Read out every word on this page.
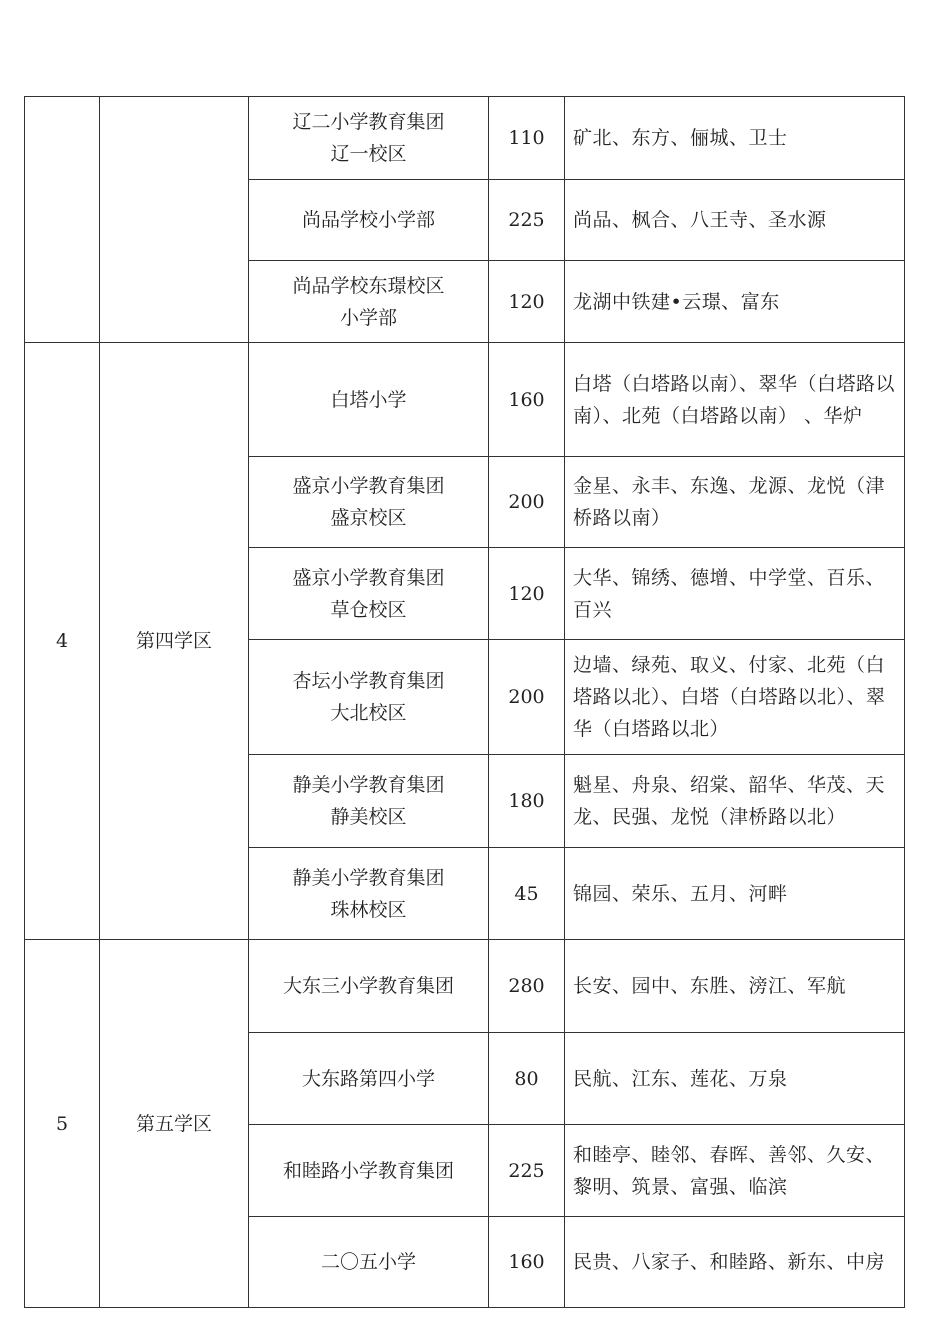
		辽二小学教育集团
辽一校区	110	矿北、东方、俪城、卫士

		尚品学校小学部	225	尚品、枫合、八王寺、圣水源

		尚品学校东璟校区
小学部	120	龙湖中铁建•云璟、富东
4	第四学区	白塔小学	160	白塔（白塔路以南）、翠华（白塔路以南）、北苑（白塔路以南） 、华炉

		盛京小学教育集团
盛京校区	200	金星、永丰、东逸、龙源、龙悦（津桥路以南）

		盛京小学教育集团
草仓校区	120	大华、锦绣、德增、中学堂、百乐、百兴

		杏坛小学教育集团
大北校区	200	边墙、绿苑、取义、付家、北苑（白塔路以北）、白塔（白塔路以北）、翠华（白塔路以北）

		静美小学教育集团
静美校区	180	魁星、舟泉、绍棠、韶华、华茂、天龙、民强、龙悦（津桥路以北）

		静美小学教育集团
珠林校区	45	锦园、荣乐、五月、河畔
5	第五学区	大东三小学教育集团	280	长安、园中、东胜、滂江、军航

		大东路第四小学	80	民航、江东、莲花、万泉

		和睦路小学教育集团	225	和睦亭、睦邻、春晖、善邻、久安、黎明、筑景、富强、临滨

		二〇五小学	160	民贵、八家子、和睦路、新东、中房
